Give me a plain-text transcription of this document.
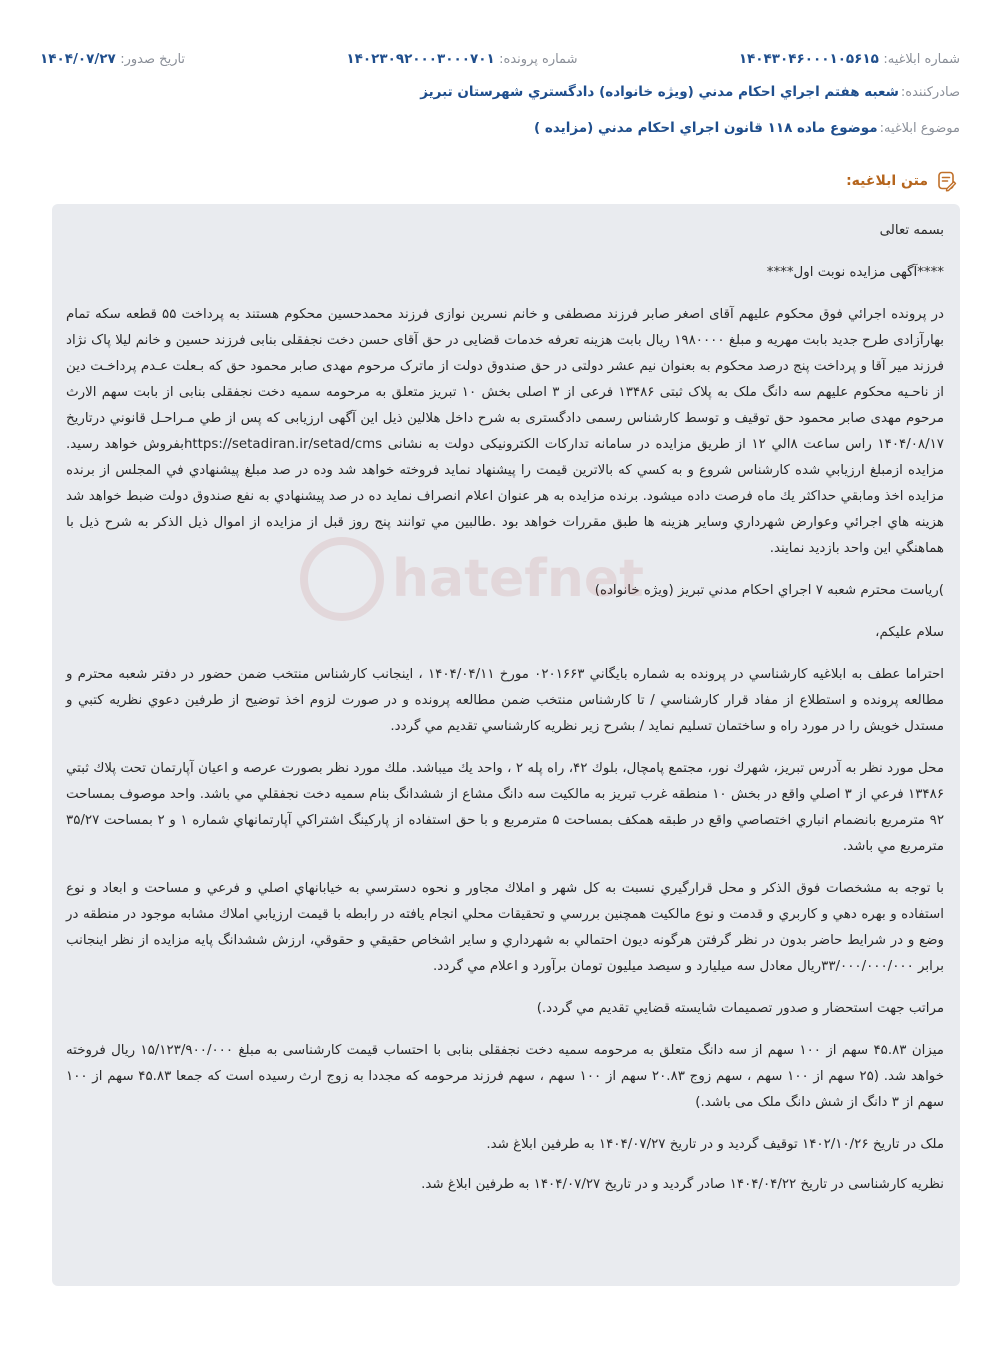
شماره ابلاغیه: ۱۴۰۴۳۰۴۶۰۰۰۱۰۵۶۱۵
شماره پرونده: ۱۴۰۲۳۰۹۲۰۰۰۳۰۰۰۷۰۱
تاریخ صدور: ۱۴۰۴/۰۷/۲۷
صادرکننده:
شعبه هفتم اجراي احكام مدني (ويژه خانواده) دادگستري شهرستان تبريز
موضوع ابلاغیه:
موضوع ماده ۱۱۸ قانون اجراي احكام مدني (مزايده )
متن ابلاغیه:
hatefnet

بسمه تعالی

****آگهی مزایده نوبت اول****

در پرونده اجرائي فوق محکوم علیهم آقای اصغر صابر فرزند مصطفی و خانم نسرین نوازی فرزند محمدحسین محکوم هستند به پرداخت ۵۵ قطعه سکه تمام بهارآزادی طرح جدید بابت مهریه و مبلغ ۱۹۸۰۰۰۰ ریال بابت هزینه تعرفه خدمات قضایی در حق آقای حسن دخت نجفقلی بنابی فرزند حسین و خانم لیلا پاک نژاد فرزند میر آقا و پرداخت پنج درصد محکوم به بعنوان نیم عشر دولتی در حق صندوق دولت از ماترک مرحوم مهدی صابر محمود حق که بـعلت عـدم پرداخـت دين از ناحـيه محكوم عليهم سه دانگ ملک به پلاک ثبتی ۱۳۴۸۶ فرعی از ۳ اصلی بخش ۱۰ تبریز متعلق به مرحومه سمیه دخت نجفقلی بنابی از بابت سهم الارث مرحوم مهدی صابر محمود حق توقیف و توسط کارشناس رسمی دادگستری به شرح داخل هلالین ذیل این آگهی ارزیابی كه پس از طي مـراحـل قانوني درتاريخ ۱۴۰۴/۰۸/۱۷ راس ساعت ۸الي ۱۲ از طریق مزایده در سامانه تدارکات الکترونیکی دولت به نشانی https://setadiran.ir/setad/cmsبفروش خواهد رسید. مزايده ازمبلغ ارزيابي شده كارشناس شروع و به كسي كه بالاترين قيمت را پيشنهاد نمايد فروخته خواهد شد وده در صد مبلغ پيشنهادي في المجلس از برنده مزايده اخذ ومابقي حداكثر يك ماه فرصت داده ميشود. برنده مزايده به هر عنوان اعلام انصراف نمايد ده در صد پيشنهادي به نفع صندوق دولت ضبط خواهد شد هزينه هاي اجرائي وعوارض شهرداري وساير هزينه ها طبق مقررات خواهد بود .طالبين مي توانند پنج روز قبل از مزايده از اموال ذيل الذكر به شرح ذيل با هماهنگي اين واحد بازديد نمايند.

)رياست محترم شعبه ۷ اجراي احكام مدني تبريز (ويژه خانواده)

سلام عليكم،

احتراما عطف به ابلاغيه كارشناسي در پرونده به شماره بايگاني ۰۲۰۱۶۶۳ مورخ ۱۴۰۴/۰۴/۱۱ ، اينجانب كارشناس منتخب ضمن حضور در دفتر شعبه محترم و مطالعه پرونده و استطلاع از مفاد قرار كارشناسي / تا كارشناس منتخب ضمن مطالعه پرونده و در صورت لزوم اخذ توضيح از طرفين دعوي نظريه كتبي و مستدل خويش را در مورد راه و ساختمان تسليم نمايد / بشرح زير نظريه كارشناسي تقديم مي گردد.

محل مورد نظر به آدرس تبريز، شهرك نور، مجتمع پامچال، بلوك ۴۲، راه پله ۲ ، واحد يك ميباشد. ملك مورد نظر بصورت عرصه و اعيان آپارتمان تحت پلاك ثبتي ۱۳۴۸۶ فرعي از ۳ اصلي واقع در بخش ۱۰ منطقه غرب تبريز به مالكيت سه دانگ مشاع از ششدانگ بنام سميه دخت نجفقلي مي باشد. واحد موصوف بمساحت ۹۲ مترمربع بانضمام انباري اختصاصي واقع در طبقه همكف بمساحت ۵ مترمربع و با حق استفاده از پاركينگ اشتراكي آپارتمانهاي شماره ۱ و ۲ بمساحت ۳۵/۲۷ مترمربع مي باشد.

با توجه به مشخصات فوق الذكر و محل قرارگيري نسبت به كل شهر و املاك مجاور و نحوه دسترسي به خيابانهاي اصلي و فرعي و مساحت و ابعاد و نوع استفاده و بهره دهي و كاربري و قدمت و نوع مالكيت همچنين بررسي و تحقيقات محلي انجام يافته در رابطه با قيمت ارزيابي املاك مشابه موجود در منطقه در وضع و در شرايط حاضر بدون در نظر گرفتن هرگونه ديون احتمالي به شهرداري و ساير اشخاص حقيقي و حقوقي، ارزش ششدانگ پايه مزايده از نظر اينجانب برابر ۳۳/۰۰۰/۰۰۰/۰۰۰ريال معادل سه ميليارد و سيصد ميليون تومان برآورد و اعلام مي گردد.

مراتب جهت استحضار و صدور تصميمات شايسته قضايي تقديم مي گردد.)

میزان ۴۵.۸۳ سهم از ۱۰۰ سهم از سه دانگ متعلق به مرحومه سمیه دخت نجفقلی بنابی با احتساب قیمت کارشناسی به مبلغ ۱۵/۱۲۳/۹۰۰/۰۰۰ ریال فروخته خواهد شد. (۲۵ سهم از ۱۰۰ سهم ، سهم زوج ۲۰.۸۳ سهم از ۱۰۰ سهم ، سهم فرزند مرحومه که مجددا به زوج ارث رسیده است که جمعا ۴۵.۸۳ سهم از ۱۰۰ سهم از ۳ دانگ از شش دانگ ملک می باشد.)

ملک در تاریخ ۱۴۰۲/۱۰/۲۶ توقیف گردید و در تاریخ ۱۴۰۴/۰۷/۲۷ به طرفین ابلاغ شد.

نظریه کارشناسی در تاریخ ۱۴۰۴/۰۴/۲۲ صادر گردید و در تاریخ ۱۴۰۴/۰۷/۲۷ به طرفین ابلاغ شد.
